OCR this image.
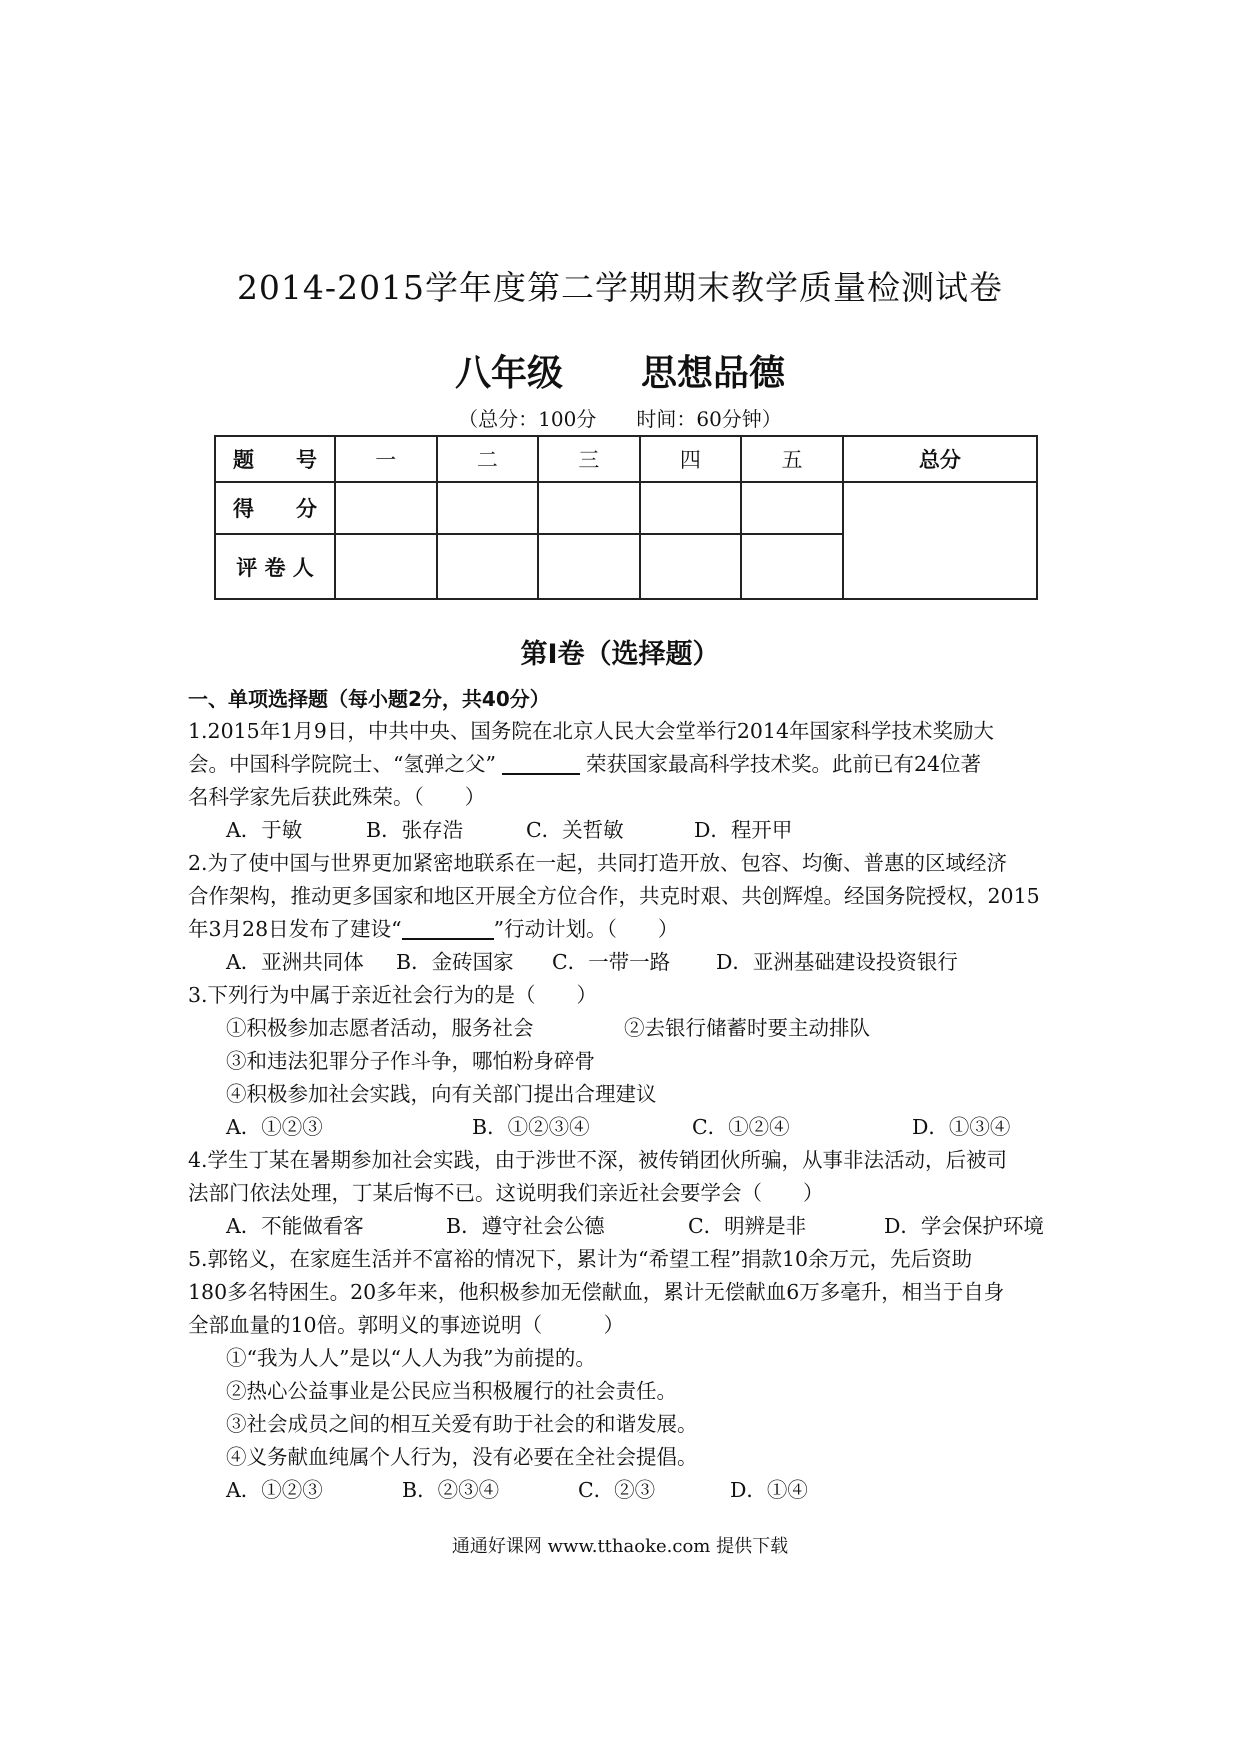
2014-2015学年度第二学期期末教学质量检测试卷
八年级 思想品德
（总分：100分 时间：60分钟）
题　　号	一	二	三	四	五	总分
得　　分						
评 卷 人						
第Ⅰ卷（选择题）
一、单项选择题（每小题2分，共40分）
1.2015年1月9日，中共中央、国务院在北京人民大会堂举行2014年国家科学技术奖励大
会。中国科学院院士、“氢弹之父”	荣获国家最高科学技术奖。此前已有24位著
名科学家先后获此殊荣。（　　）
A．于敏	B．张存浩	C．关哲敏	D．程开甲
2.为了使中国与世界更加紧密地联系在一起，共同打造开放、包容、均衡、普惠的区域经济
合作架构，推动更多国家和地区开展全方位合作，共克时艰、共创辉煌。经国务院授权，2015
年3月28日发布了建设“	”行动计划。（　　）
A．亚洲共同体 B．金砖国家 C．一带一路 D．亚洲基础建设投资银行
3.下列行为中属于亲近社会行为的是（　　）
①积极参加志愿者活动，服务社会	②去银行储蓄时要主动排队
③和违法犯罪分子作斗争，哪怕粉身碎骨
④积极参加社会实践，向有关部门提出合理建议
A．①②③	B．①②③④	C．①②④	D．①③④
4.学生丁某在暑期参加社会实践，由于涉世不深，被传销团伙所骗，从事非法活动，后被司
法部门依法处理，丁某后悔不已。这说明我们亲近社会要学会（　　）
A．不能做看客	B．遵守社会公德	C．明辨是非	D．学会保护环境
5.郭铭义，在家庭生活并不富裕的情况下，累计为“希望工程”捐款10余万元，先后资助
180多名特困生。20多年来，他积极参加无偿献血，累计无偿献血6万多毫升，相当于自身
全部血量的10倍。郭明义的事迹说明（　　　）
①“我为人人”是以“人人为我”为前提的。
②热心公益事业是公民应当积极履行的社会责任。
③社会成员之间的相互关爱有助于社会的和谐发展。
④义务献血纯属个人行为，没有必要在全社会提倡。
A．①②③	B．②③④	C．②③	D．①④
通通好课网 www.tthaoke.com 提供下载
